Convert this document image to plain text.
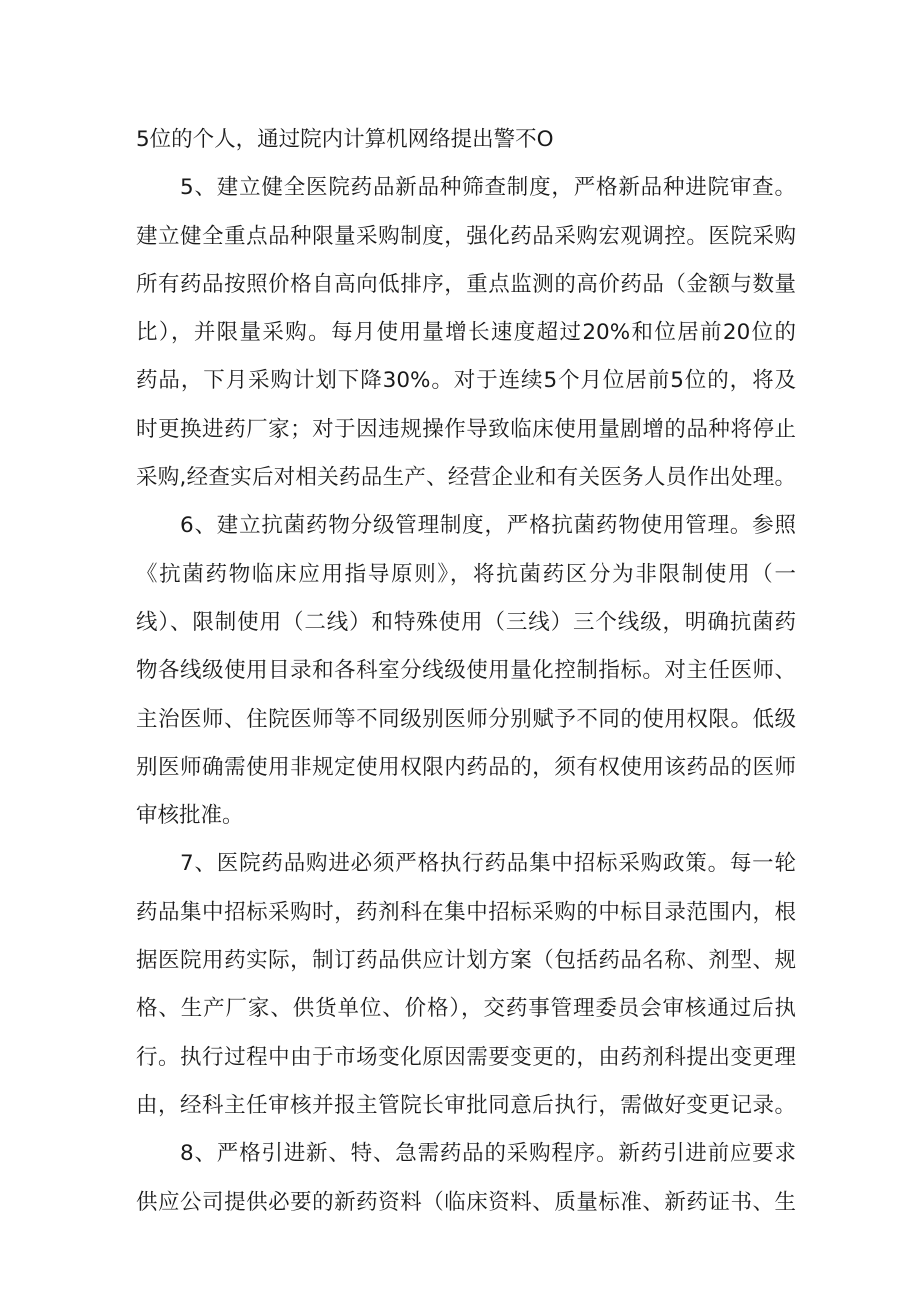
5位的个人，通过院内计算机网络提出警不O
5、建立健全医院药品新品种筛查制度，严格新品种进院审查。
建立健全重点品种限量采购制度，强化药品采购宏观调控。医院采购
所有药品按照价格自高向低排序，重点监测的高价药品（金额与数量
比），并限量采购。每月使用量增长速度超过20%和位居前20位的
药品，下月采购计划下降30%。对于连续5个月位居前5位的，将及
时更换进药厂家；对于因违规操作导致临床使用量剧增的品种将停止
采购,经查实后对相关药品生产、经营企业和有关医务人员作出处理。
6、建立抗菌药物分级管理制度，严格抗菌药物使用管理。参照
《抗菌药物临床应用指导原则》，将抗菌药区分为非限制使用（一
线）、限制使用（二线）和特殊使用（三线）三个线级，明确抗菌药
物各线级使用目录和各科室分线级使用量化控制指标。对主任医师、
主治医师、住院医师等不同级别医师分别赋予不同的使用权限。低级
别医师确需使用非规定使用权限内药品的，须有权使用该药品的医师
审核批准。
7、医院药品购进必须严格执行药品集中招标采购政策。每一轮
药品集中招标采购时，药剂科在集中招标采购的中标目录范围内，根
据医院用药实际，制订药品供应计划方案（包括药品名称、剂型、规
格、生产厂家、供货单位、价格），交药事管理委员会审核通过后执
行。执行过程中由于市场变化原因需要变更的，由药剂科提出变更理
由，经科主任审核并报主管院长审批同意后执行，需做好变更记录。
8、严格引进新、特、急需药品的采购程序。新药引进前应要求
供应公司提供必要的新药资料（临床资料、质量标准、新药证书、生
